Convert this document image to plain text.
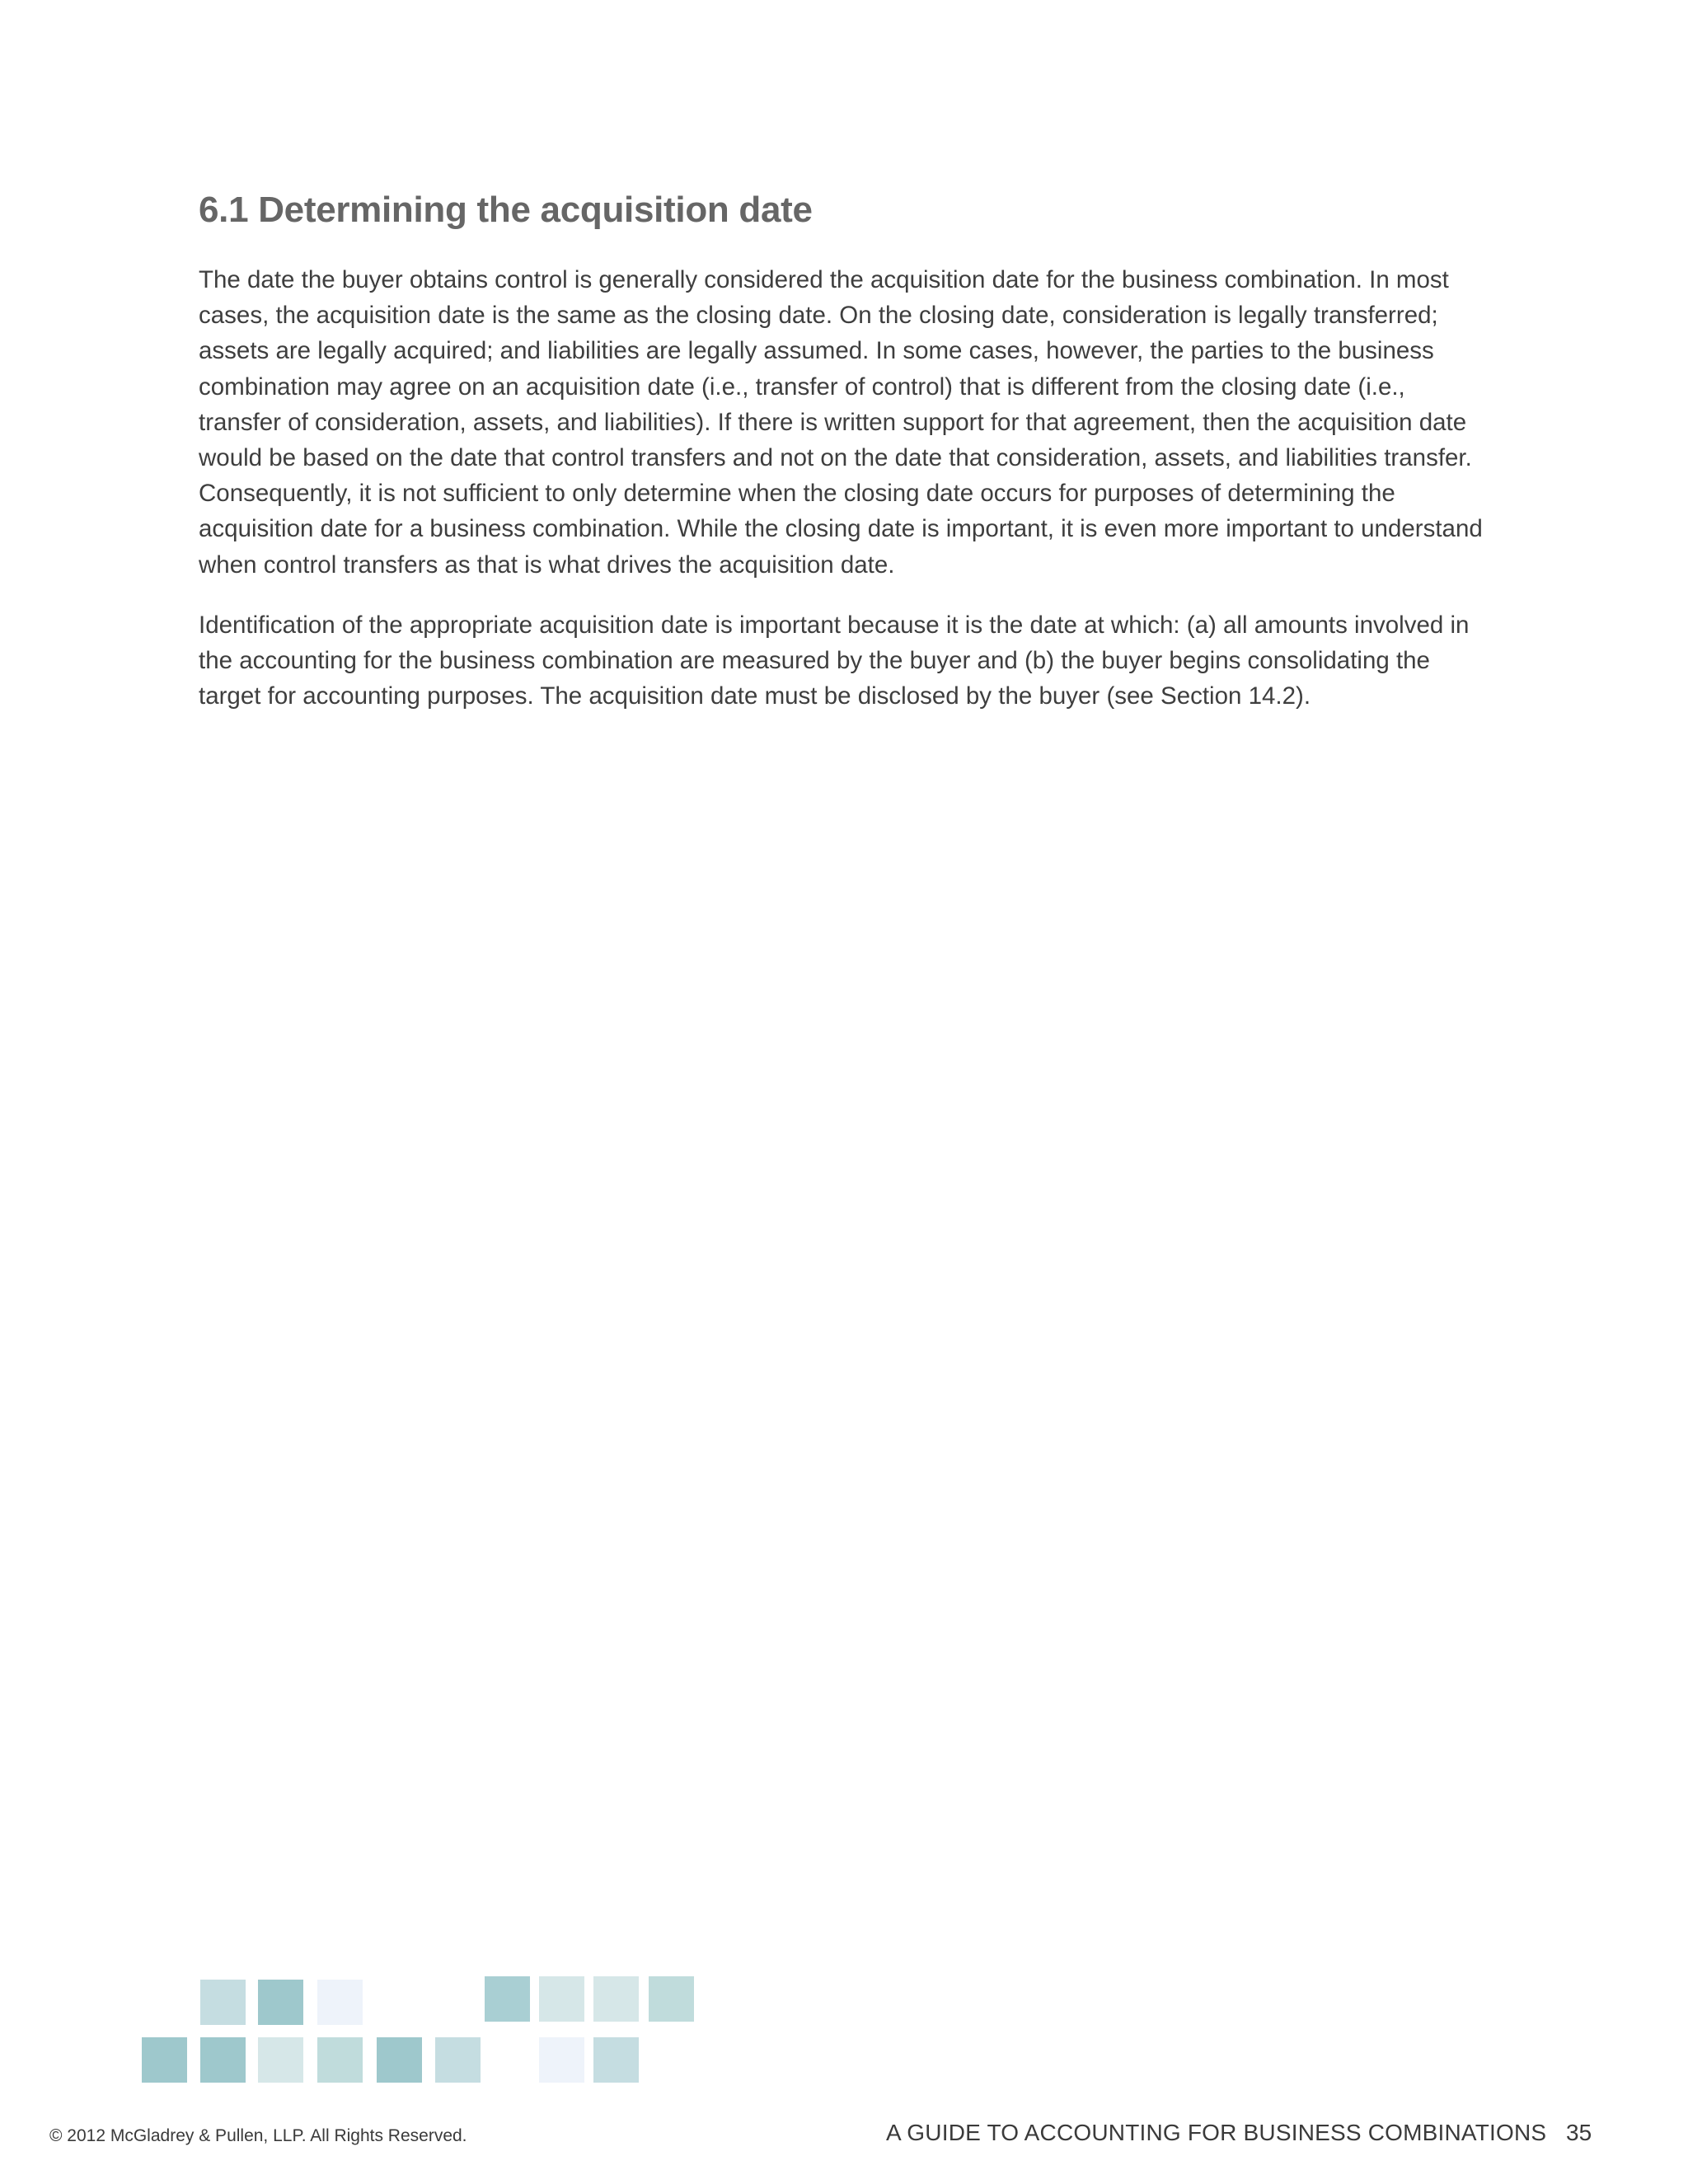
6.1 Determining the acquisition date

The date the buyer obtains control is generally considered the acquisition date for the business combination. In most cases, the acquisition date is the same as the closing date. On the closing date, consideration is legally transferred; assets are legally acquired; and liabilities are legally assumed. In some cases, however, the parties to the business combination may agree on an acquisition date (i.e., transfer of control) that is different from the closing date (i.e., transfer of consideration, assets, and liabilities). If there is written support for that agreement, then the acquisition date would be based on the date that control transfers and not on the date that consideration, assets, and liabilities transfer. Consequently, it is not sufficient to only determine when the closing date occurs for purposes of determining the acquisition date for a business combination. While the closing date is important, it is even more important to understand when control transfers as that is what drives the acquisition date.

Identification of the appropriate acquisition date is important because it is the date at which: (a) all amounts involved in the accounting for the business combination are measured by the buyer and (b) the buyer begins consolidating the target for accounting purposes. The acquisition date must be disclosed by the buyer (see Section 14.2).

© 2012 McGladrey & Pullen, LLP. All Rights Reserved.	A GUIDE TO ACCOUNTING FOR BUSINESS COMBINATIONS 35
